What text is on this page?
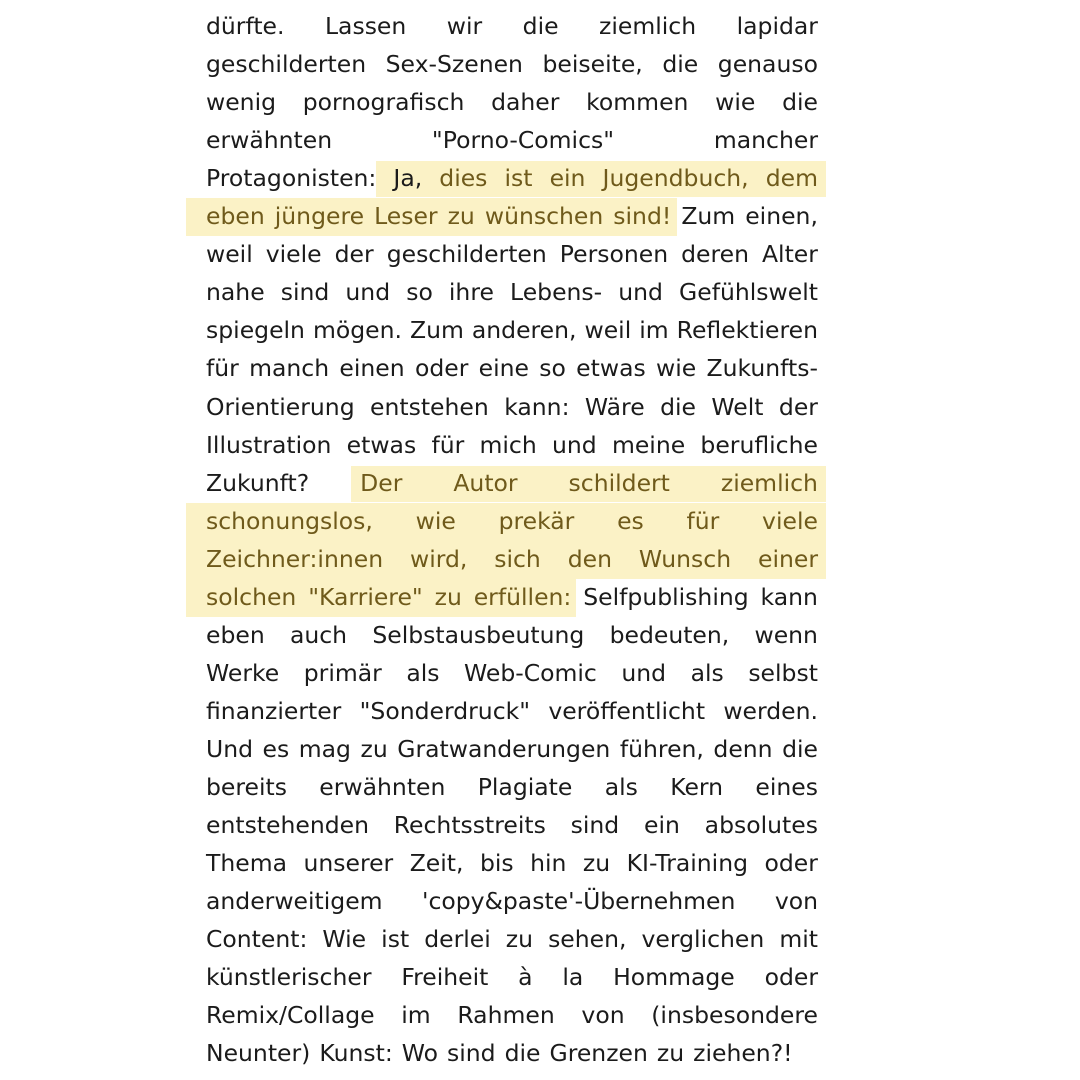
dürfte. Lassen wir die ziemlich lapidar
geschilderten Sex-Szenen beiseite, die genauso
wenig pornografisch daher kommen wie die
erwähnten	"Porno-Comics"	mancher
Protagonisten: Ja, dies ist ein Jugendbuch, dem
eben jüngere Leser zu wünschen sind! Zum einen,
weil viele der geschilderten Personen deren Alter
nahe sind und so ihre Lebens- und Gefühlswelt
spiegeln mögen. Zum anderen, weil im Reflektieren
für manch einen oder eine so etwas wie Zukunfts-
Orientierung entstehen kann: Wäre die Welt der
Illustration etwas für mich und meine berufliche
Zukunft? Der Autor schildert ziemlich
schonungslos, wie prekär es für viele
Zeichner:innen wird, sich den Wunsch einer
solchen "Karriere" zu erfüllen: Selfpublishing kann
eben auch Selbstausbeutung bedeuten, wenn
Werke primär als Web-Comic und als selbst
finanzierter "Sonderdruck" veröffentlicht werden.
Und es mag zu Gratwanderungen führen, denn die
bereits erwähnten Plagiate als Kern eines
entstehenden Rechtsstreits sind ein absolutes
Thema unserer Zeit, bis hin zu KI-Training oder
anderweitigem 'copy&paste'-Übernehmen von
Content: Wie ist derlei zu sehen, verglichen mit
künstlerischer Freiheit à la Hommage oder
Remix/Collage im Rahmen von (insbesondere
Neunter) Kunst: Wo sind die Grenzen zu ziehen?!
